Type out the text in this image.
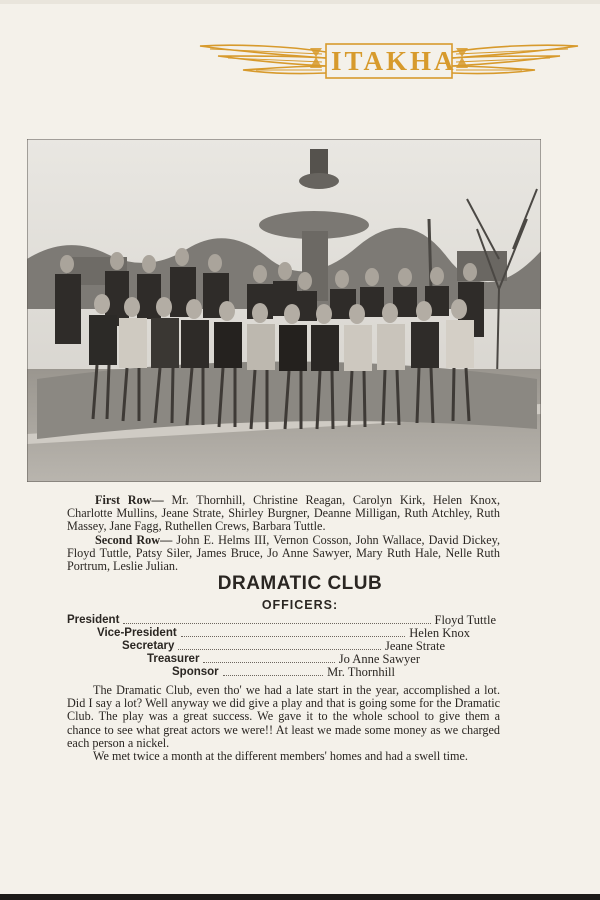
ITAKHA

First Row— Mr. Thornhill, Christine Reagan, Carolyn Kirk, Helen Knox, Charlotte Mullins, Jeane Strate, Shirley Burgner, Deanne Milligan, Ruth Atchley, Ruth Massey, Jane Fagg, Ruthellen Crews, Barbara Tuttle.

Second Row— John E. Helms III, Vernon Cosson, John Wallace, David Dickey, Floyd Tuttle, Patsy Siler, James Bruce, Jo Anne Sawyer, Mary Ruth Hale, Nelle Ruth Portrum, Leslie Julian.

DRAMATIC CLUB
OFFICERS:
President	Floyd Tuttle
Vice-President	Helen Knox
Secretary	Jeane Strate
Treasurer	Jo Anne Sawyer
Sponsor	Mr. Thornhill

The Dramatic Club, even tho' we had a late start in the year, accomplished a lot. Did I say a lot? Well anyway we did give a play and that is going some for the Dramatic Club. The play was a great success. We gave it to the whole school to give them a chance to see what great actors we were!! At least we made some money as we charged each person a nickel.

We met twice a month at the different members' homes and had a swell time.
